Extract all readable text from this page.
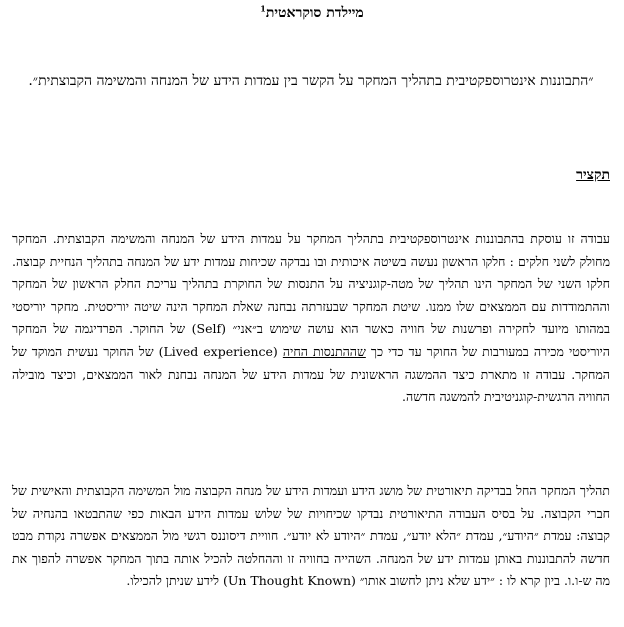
מיילדת סוקראטית$^1$
״התבוננות אינטרוספקטיבית בתהליך המחקר על הקשר בין עמדות הידע של המנחה והמשימה הקבוצתית״.
תקציר

עבודה זו עוסקת בהתבוננות אינטרוספקטיבית בתהליך המחקר על עמדות הידע של המנחה והמשימה הקבוצתית. המחקר מחולק לשני חלקים : חלקו הראשון נעשה בשיטה איכותית ובו נבדקה שכיחות עמדות ידע של המנחה בתהליך הנחיית קבוצה. חלקו השני של המחקר הינו תהליך של מטה-קוגניציה על התנסות של החוקרת בתהליך עריכת החלק הראשון של המחקר וההתמודדות עם הממצאים שלו ממנו. שיטת המחקר שבעזרתה נבחנה שאלת המחקר הינה שיטה יוריסטית. מחקר יוריסטי במהותו מיועד לחקירה ופרשנות של חוויה כאשר הוא עושה שימוש ב״אני״ (Self) של החוקר. הפרדיגמה של המחקר היוריסטי מכירה במעורבות של החוקר עד כדי כך שההתנסות החיה (Lived experience) של החוקר נעשית המוקד של המחקר. עבודה זו מתארת כיצד ההמשגה הראשונית של עמדות הידע של המנחה נבחנת לאור הממצאים, וכיצד מובילה החוויה הרגשית-קוגניטיבית להמשגה חדשה.

תהליך המחקר החל בבדיקה תיאורטית של מושג הידע ועמדות הידע של מנחה הקבוצה מול המשימה הקבוצתית והאישית של חברי הקבוצה. על בסיס העבודה התיאורטית נבדקו שכיחויות של שלוש עמדות הידע הבאות כפי שהתבטאו בהנחיה של קבוצה: עמדת ״היודע״, עמדת ״הלא יודע״, עמדת ״היודע לא יודע״. חוויית דיסוננס רגשי מול הממצאים אפשרה נקודת מבט חדשה להתבוננות באותן עמדות ידע של המנחה. השהייה בחוויה זו וההחלטה להכיל אותה בתוך המחקר אפשרה להפוך את מה ש-ו.ו. ביון קרא לו : ״ידע שלא ניתן לחשוב אותו״ (Un Thought Known) לידע שניתן להכילו.
